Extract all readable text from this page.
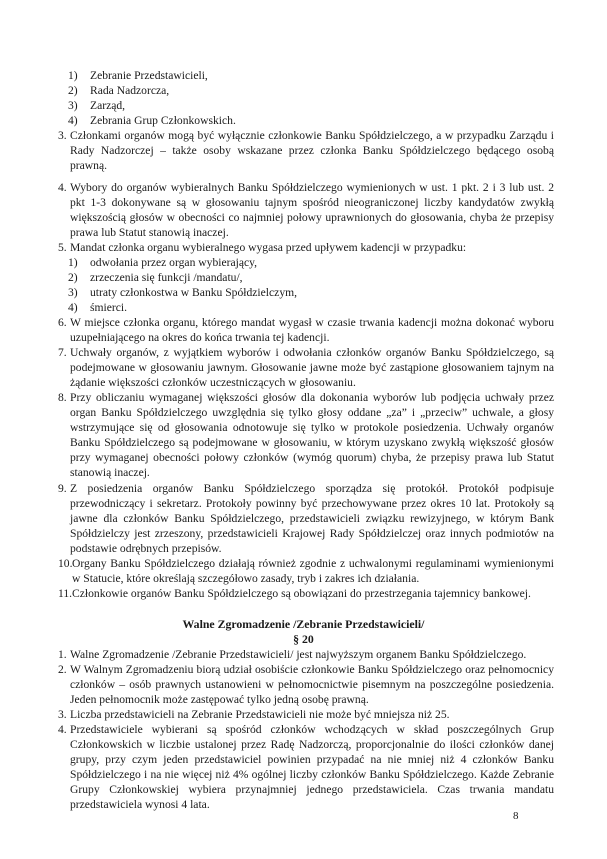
1)	Zebranie Przedstawicieli,
2)	Rada Nadzorcza,
3)	Zarząd,
4)	Zebrania Grup Członkowskich.
3. Członkami organów mogą być wyłącznie członkowie Banku Spółdzielczego, a w przypadku Zarządu i Rady Nadzorczej – także osoby wskazane przez członka Banku Spółdzielczego będącego osobą prawną.
4. Wybory do organów wybieralnych Banku Spółdzielczego wymienionych w ust. 1 pkt. 2 i 3 lub ust. 2 pkt 1-3 dokonywane są w głosowaniu tajnym spośród nieograniczonej liczby kandydatów zwykłą większością głosów w obecności co najmniej połowy uprawnionych do głosowania, chyba że przepisy prawa lub Statut stanowią inaczej.
5. Mandat członka organu wybieralnego wygasa przed upływem kadencji w przypadku:
1)	odwołania przez organ wybierający,
2)	zrzeczenia się funkcji /mandatu/,
3)	utraty członkostwa w Banku Spółdzielczym,
4)	śmierci.
6. W miejsce członka organu, którego mandat wygasł w czasie trwania kadencji można dokonać wyboru uzupełniającego na okres do końca trwania tej kadencji.
7. Uchwały organów, z wyjątkiem wyborów i odwołania członków organów Banku Spółdzielczego, są podejmowane w głosowaniu jawnym. Głosowanie jawne może być zastąpione głosowaniem tajnym na żądanie większości członków uczestniczących w głosowaniu.
8. Przy obliczaniu wymaganej większości głosów dla dokonania wyborów lub podjęcia uchwały przez organ Banku Spółdzielczego uwzględnia się tylko głosy oddane „za” i „przeciw” uchwale, a głosy wstrzymujące się od głosowania odnotowuje się tylko w protokole posiedzenia. Uchwały organów Banku Spółdzielczego są podejmowane w głosowaniu, w którym uzyskano zwykłą większość głosów przy wymaganej obecności połowy członków (wymóg quorum) chyba, że przepisy prawa lub Statut stanowią inaczej.
9. Z posiedzenia organów Banku Spółdzielczego sporządza się protokół. Protokół podpisuje przewodniczący i sekretarz. Protokoły powinny być przechowywane przez okres 10 lat. Protokoły są jawne dla członków Banku Spółdzielczego, przedstawicieli związku rewizyjnego, w którym Bank Spółdzielczy jest zrzeszony, przedstawicieli Krajowej Rady Spółdzielczej oraz innych podmiotów na podstawie odrębnych przepisów.
10. Organy Banku Spółdzielczego działają również zgodnie z uchwalonymi regulaminami wymienionymi w Statucie, które określają szczegółowo zasady, tryb i zakres ich działania.
11. Członkowie organów Banku Spółdzielczego są obowiązani do przestrzegania tajemnicy bankowej.
Walne Zgromadzenie /Zebranie Przedstawicieli/
§ 20
1. Walne Zgromadzenie /Zebranie Przedstawicieli/ jest najwyższym organem Banku Spółdzielczego.
2. W Walnym Zgromadzeniu biorą udział osobiście członkowie Banku Spółdzielczego oraz pełnomocnicy członków – osób prawnych ustanowieni w pełnomocnictwie pisemnym na poszczególne posiedzenia. Jeden pełnomocnik może zastępować tylko jedną osobę prawną.
3. Liczba przedstawicieli na Zebranie Przedstawicieli nie może być mniejsza niż 25.
4. Przedstawiciele wybierani są spośród członków wchodzących w skład poszczególnych Grup Członkowskich w liczbie ustalonej przez Radę Nadzorczą, proporcjonalnie do ilości członków danej grupy, przy czym jeden przedstawiciel powinien przypadać na nie mniej niż 4 członków Banku Spółdzielczego i na nie więcej niż 4% ogólnej liczby członków Banku Spółdzielczego. Każde Zebranie Grupy Członkowskiej wybiera przynajmniej jednego przedstawiciela. Czas trwania mandatu przedstawiciela wynosi 4 lata.
8
